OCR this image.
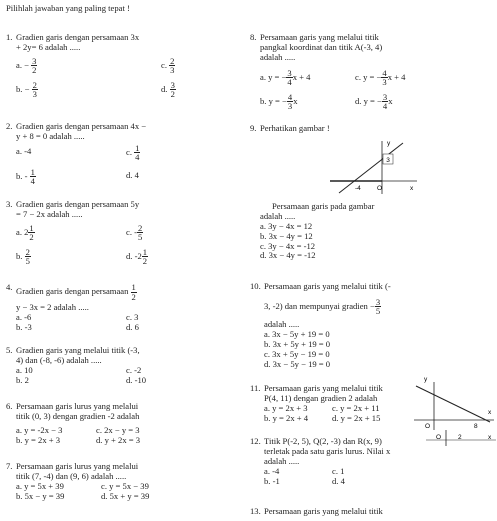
Pilihlah jawaban yang paling tepat !
1. Gradien garis dengan persamaan 3x
+ 2y= 6 adalah .....
a. − $\frac{3}{2}$	c. $\frac{2}{3}$
b. − $\frac{2}{3}$	d. $\frac{3}{2}$
2. Gradien garis dengan persamaan 4x −
y + 8 = 0 adalah .....
a. -4	c. $\frac{1}{4}$
b. - $\frac{1}{4}$	d. 4
3. Gradien garis dengan persamaan 5y
= 7 − 2x adalah .....
a. $2 \frac{1}{2}$	c. - $\frac{2}{5}$
b. $\frac{2}{5}$	d. $-2 \frac{1}{2}$
4. Gradien garis dengan persamaan $\frac{1}{2}$
y − 3x = 2 adalah .....
a. -6	c. 3
b. -3	d. 6
5. Gradien garis yang melalui titik (-3,
4) dan (-8, -6) adalah .....
a. 10	c. -2
b. 2	d. -10
6. Persamaan garis lurus yang melalui
titik (0, 3) dengan gradien -2 adalah
a. y = -2x − 3	c. 2x − y = 3
b. y = 2x + 3	d. y + 2x = 3
7. Persamaan garis lurus yang melalui
titik (7, -4) dan (9, 6) adalah .....
a. y = 5x + 39	c. y = 5x − 39
b. 5x − y = 39	d. 5x + y = 39
8. Persamaan garis yang melalui titik
pangkal koordinat dan titik A(-3, 4)
adalah .....
a. y = − $\frac{3}{4}$ x + 4	c. y = − $\frac{4}{3}$ x + 4
b. y = − $\frac{4}{3}$ x	d. y = − $\frac{3}{4}$ x
9. Perhatikan gambar !
y
3
-4 O	x
Persamaan garis pada gambar
adalah .....
a. 3y − 4x = 12
b. 3x − 4y = 12
c. 3y − 4x = -12
d. 3x − 4y = -12
10. Persamaan garis yang melalui titik (-
3, -2) dan mempunyai gradien − $\frac{3}{5}$
adalah .....
a. 3x − 5y + 19 = 0
b. 3x + 5y + 19 = 0
c. 3x + 5y − 19 = 0
d. 3x − 5y − 19 = 0
11. Persamaan garis yang melalui titik
P(4, 11) dengan gradien 2 adalah
a. y = 2x + 3	c. y = 2x + 11
b. y = 2x + 4	d. y = 2x + 15
y
x
O	8
12. Titik P(-2, 5), Q(2, -3) dan R(x, 9)
terletak pada satu garis lurus. Nilai x
adalah .....
a. -4	c. 1
b. -1	d. 4
O	2	x
13. Persamaan garis yang melalui titik
